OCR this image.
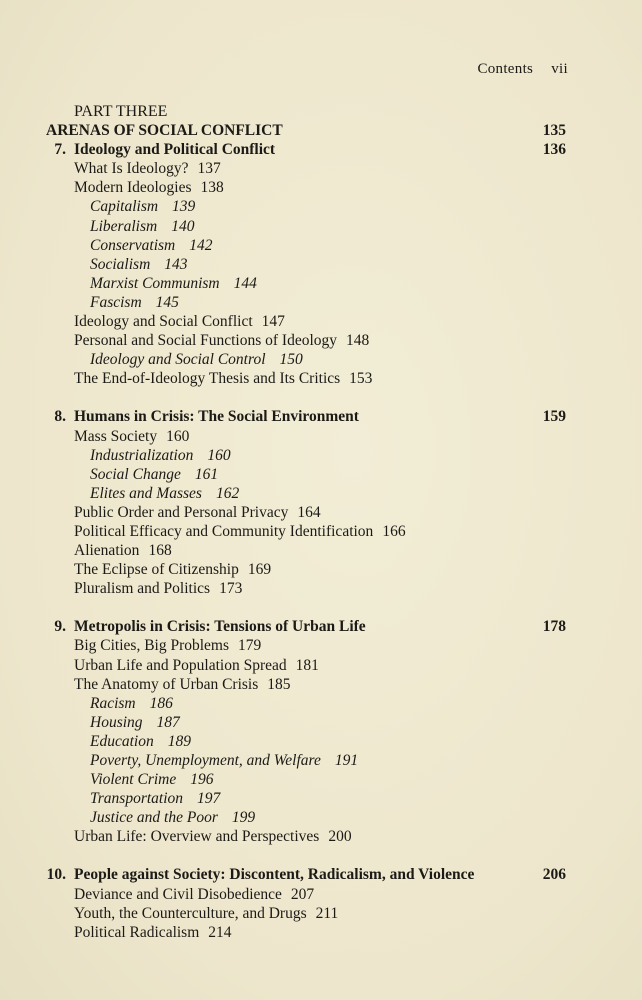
Contents vii
PART THREE
ARENAS OF SOCIAL CONFLICT	135
7. Ideology and Political Conflict	136
What Is Ideology? 137
Modern Ideologies 138
Capitalism 139
Liberalism 140
Conservatism 142
Socialism 143
Marxist Communism 144
Fascism 145
Ideology and Social Conflict 147
Personal and Social Functions of Ideology 148
Ideology and Social Control 150
The End-of-Ideology Thesis and Its Critics 153
8. Humans in Crisis: The Social Environment	159
Mass Society 160
Industrialization 160
Social Change 161
Elites and Masses 162
Public Order and Personal Privacy 164
Political Efficacy and Community Identification 166
Alienation 168
The Eclipse of Citizenship 169
Pluralism and Politics 173
9. Metropolis in Crisis: Tensions of Urban Life	178
Big Cities, Big Problems 179
Urban Life and Population Spread 181
The Anatomy of Urban Crisis 185
Racism 186
Housing 187
Education 189
Poverty, Unemployment, and Welfare 191
Violent Crime 196
Transportation 197
Justice and the Poor 199
Urban Life: Overview and Perspectives 200
10. People against Society: Discontent, Radicalism, and Violence	206
Deviance and Civil Disobedience 207
Youth, the Counterculture, and Drugs 211
Political Radicalism 214
